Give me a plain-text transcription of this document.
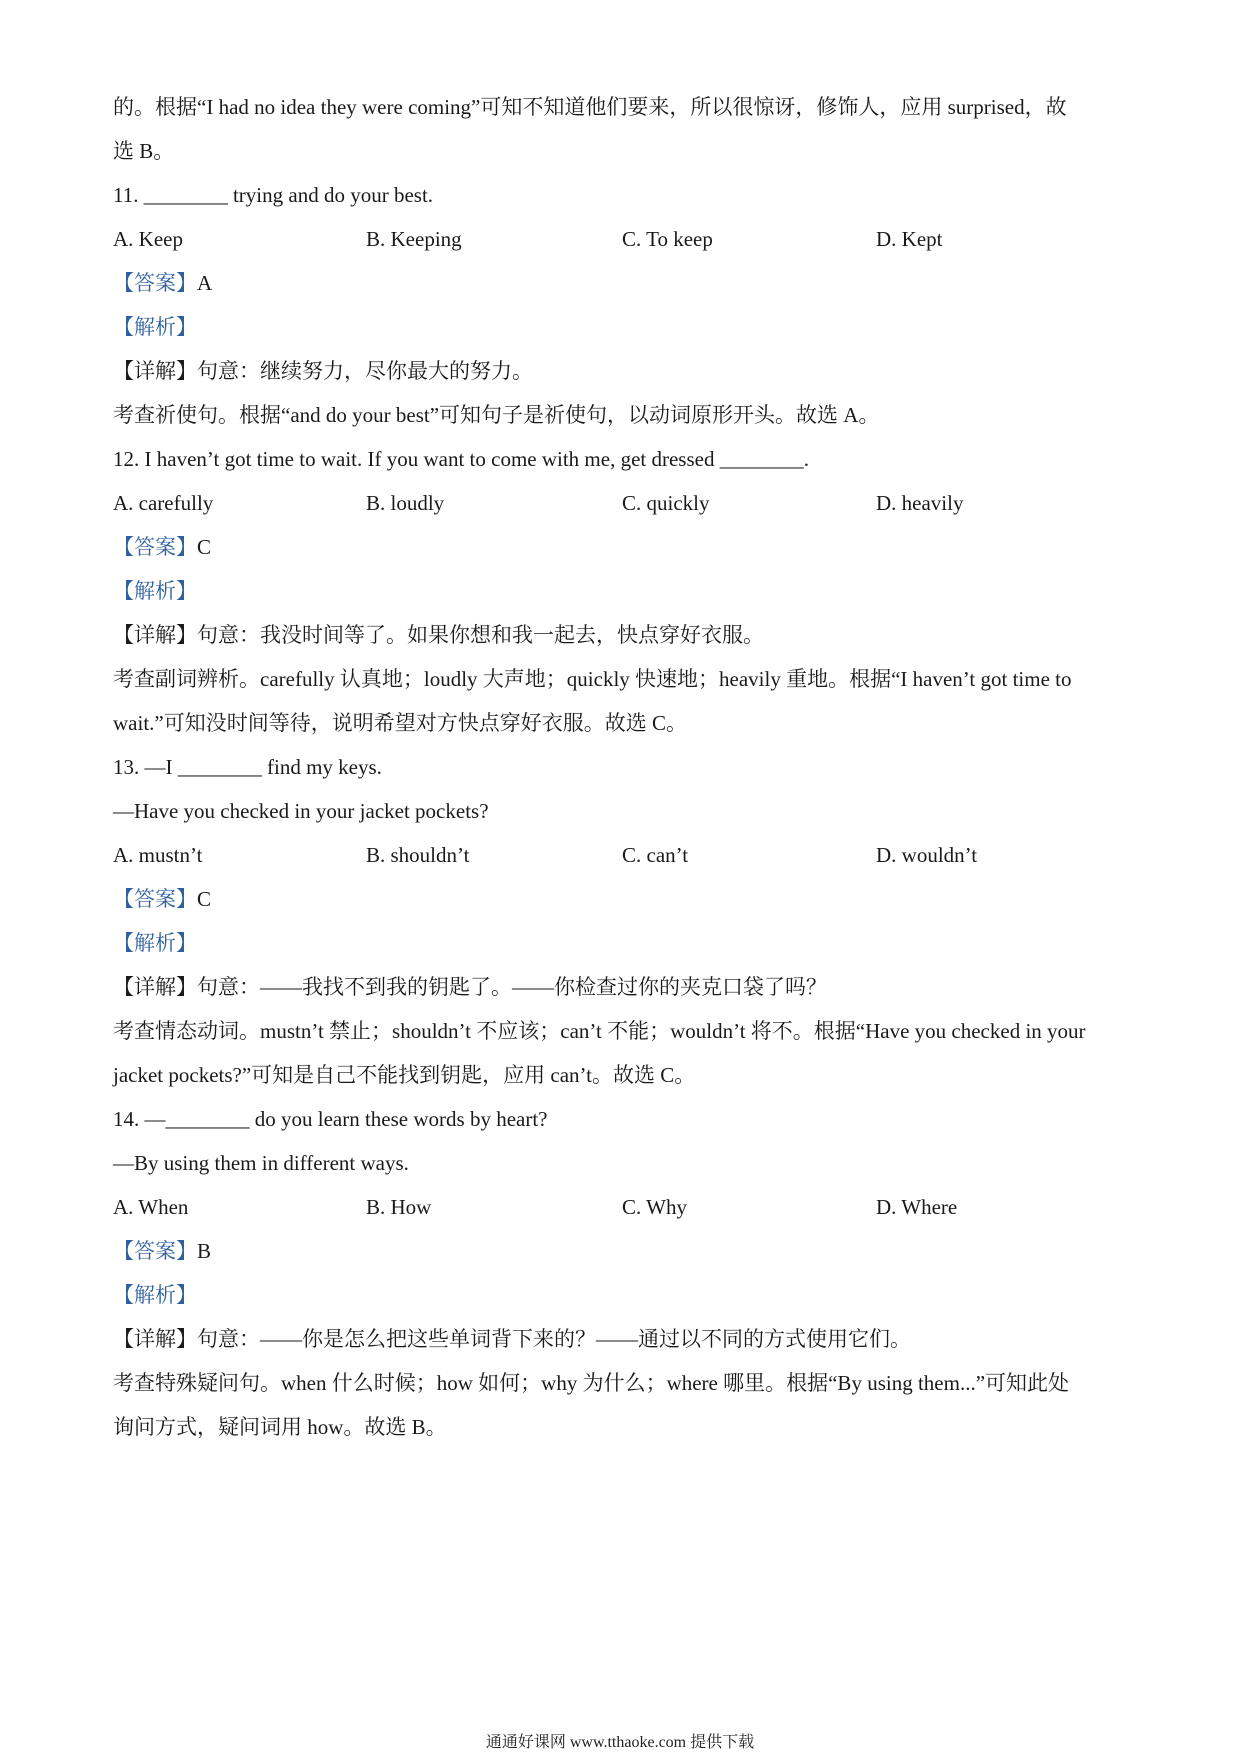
的。根据“I had no idea they were coming”可知不知道他们要来，所以很惊讶，修饰人，应用 surprised，故
选 B。
11. ________ trying and do your best.
A. Keep	B. Keeping	C. To keep	D. Kept
【答案】A
【解析】
【详解】句意：继续努力，尽你最大的努力。
考查祈使句。根据“and do your best”可知句子是祈使句，以动词原形开头。故选 A。
12. I haven’t got time to wait. If you want to come with me, get dressed ________.
A. carefully	B. loudly	C. quickly	D. heavily
【答案】C
【解析】
【详解】句意：我没时间等了。如果你想和我一起去，快点穿好衣服。
考查副词辨析。carefully 认真地；loudly 大声地；quickly 快速地；heavily 重地。根据“I haven’t got time to
wait.”可知没时间等待，说明希望对方快点穿好衣服。故选 C。
13. —I ________ find my keys.
—Have you checked in your jacket pockets?
A. mustn’t	B. shouldn’t	C. can’t	D. wouldn’t
【答案】C
【解析】
【详解】句意：——我找不到我的钥匙了。——你检查过你的夹克口袋了吗？
考查情态动词。mustn’t 禁止；shouldn’t 不应该；can’t 不能；wouldn’t 将不。根据“Have you checked in your
jacket pockets?”可知是自己不能找到钥匙，应用 can’t。故选 C。
14. —________ do you learn these words by heart?
—By using them in different ways.
A. When	B. How	C. Why	D. Where
【答案】B
【解析】
【详解】句意：——你是怎么把这些单词背下来的？——通过以不同的方式使用它们。
考查特殊疑问句。when 什么时候；how 如何；why 为什么；where 哪里。根据“By using them...”可知此处
询问方式，疑问词用 how。故选 B。
通通好课网 www.tthaoke.com 提供下载
